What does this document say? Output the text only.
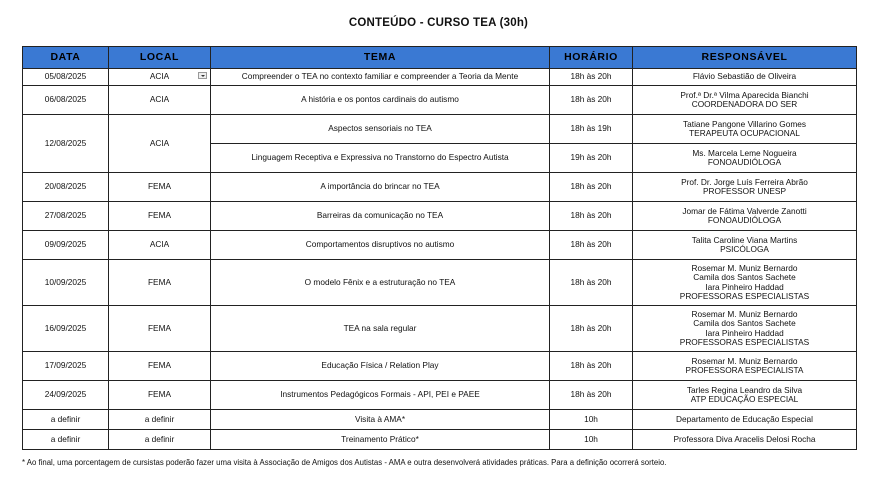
CONTEÚDO - CURSO TEA (30h)
DATA	LOCAL	TEMA	HORÁRIO	RESPONSÁVEL
05/08/2025	ACIA	Compreender o TEA no contexto familiar e compreender a Teoria da Mente	18h às 20h	Flávio Sebastião de Oliveira

06/08/2025	ACIA	A história e os pontos cardinais do autismo	18h às 20h	Prof.ª Dr.ª Vilma Aparecida Bianchi
COORDENADORA DO SER

12/08/2025	ACIA	Aspectos sensoriais no TEA	18h às 19h	Tatiane Pangone Villarino Gomes
TERAPEUTA OCUPACIONAL

		Linguagem Receptiva e Expressiva no Transtorno do Espectro Autista	19h às 20h	Ms. Marcela Leme Nogueira
FONOAUDIÓLOGA

20/08/2025	FEMA	A importância do brincar no TEA	18h às 20h	Prof. Dr. Jorge Luís Ferreira Abrão
PROFESSOR UNESP

27/08/2025	FEMA	Barreiras da comunicação no TEA	18h às 20h	Jomar de Fátima Valverde Zanotti
FONOAUDIÓLOGA

09/09/2025	ACIA	Comportamentos disruptivos no autismo	18h às 20h	Talita Caroline Viana Martins
PSICÓLOGA

10/09/2025	FEMA	O modelo Fênix e a estruturação no TEA	18h às 20h	Rosemar M. Muniz Bernardo
Camila dos Santos Sachete
Iara Pinheiro Haddad
PROFESSORAS ESPECIALISTAS

16/09/2025	FEMA	TEA na sala regular	18h às 20h	Rosemar M. Muniz Bernardo
Camila dos Santos Sachete
Iara Pinheiro Haddad
PROFESSORAS ESPECIALISTAS

17/09/2025	FEMA	Educação Física / Relation Play	18h às 20h	Rosemar M. Muniz Bernardo
PROFESSORA ESPECIALISTA

24/09/2025	FEMA	Instrumentos Pedagógicos Formais - API, PEI e PAEE	18h às 20h	Tarles Regina Leandro da Silva
ATP EDUCAÇÃO ESPECIAL

a definir	a definir	Visita à AMA*	10h	Departamento de Educação Especial

a definir	a definir	Treinamento Prático*	10h	Professora Diva Aracelis Delosi Rocha
* Ao final, uma porcentagem de cursistas poderão fazer uma visita à Associação de Amigos dos Autistas - AMA e outra desenvolverá atividades práticas. Para a definição ocorrerá sorteio.
